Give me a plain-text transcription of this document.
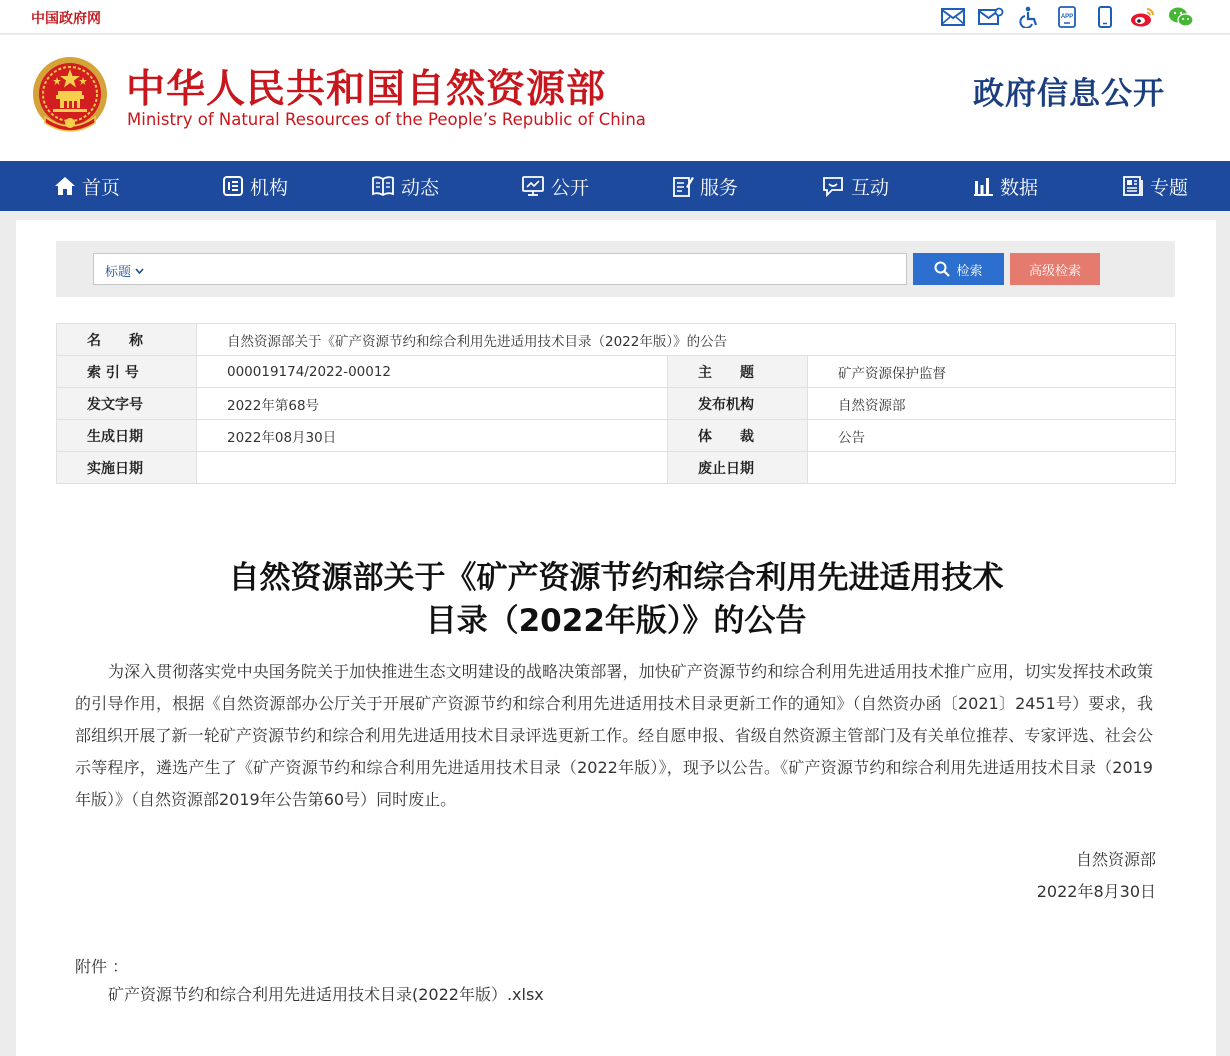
中国政府网	APP
中华人民共和国自然资源部
Ministry of Natural Resources of the People’s Republic of China
政府信息公开
首页	机构	动态	公开	服务	互动	数据	专题
标题	检索	高级检索
名　　称	自然资源部关于《矿产资源节约和综合利用先进适用技术目录（2022年版）》的公告		
索 引 号	000019174/2022-00012	主　　题	矿产资源保护监督
发文字号	2022年第68号	发布机构	自然资源部
生成日期	2022年08月30日	体　　裁	公告
实施日期		废止日期	
自然资源部关于《矿产资源节约和综合利用先进适用技术
目录（2022年版）》的公告

为深入贯彻落实党中央国务院关于加快推进生态文明建设的战略决策部署，加快矿产资源节约和综合利用先进适用技术推广应用，切实发挥技术政策的引导作用，根据《自然资源部办公厅关于开展矿产资源节约和综合利用先进适用技术目录更新工作的通知》（自然资办函〔2021〕2451号）要求，我部组织开展了新一轮矿产资源节约和综合利用先进适用技术目录评选更新工作。经自愿申报、省级自然资源主管部门及有关单位推荐、专家评选、社会公示等程序，遴选产生了《矿产资源节约和综合利用先进适用技术目录（2022年版）》，现予以公告。《矿产资源节约和综合利用先进适用技术目录（2019年版）》（自然资源部2019年公告第60号）同时废止。

自然资源部
2022年8月30日
附件 ：
矿产资源节约和综合利用先进适用技术目录(2022年版）.xlsx
